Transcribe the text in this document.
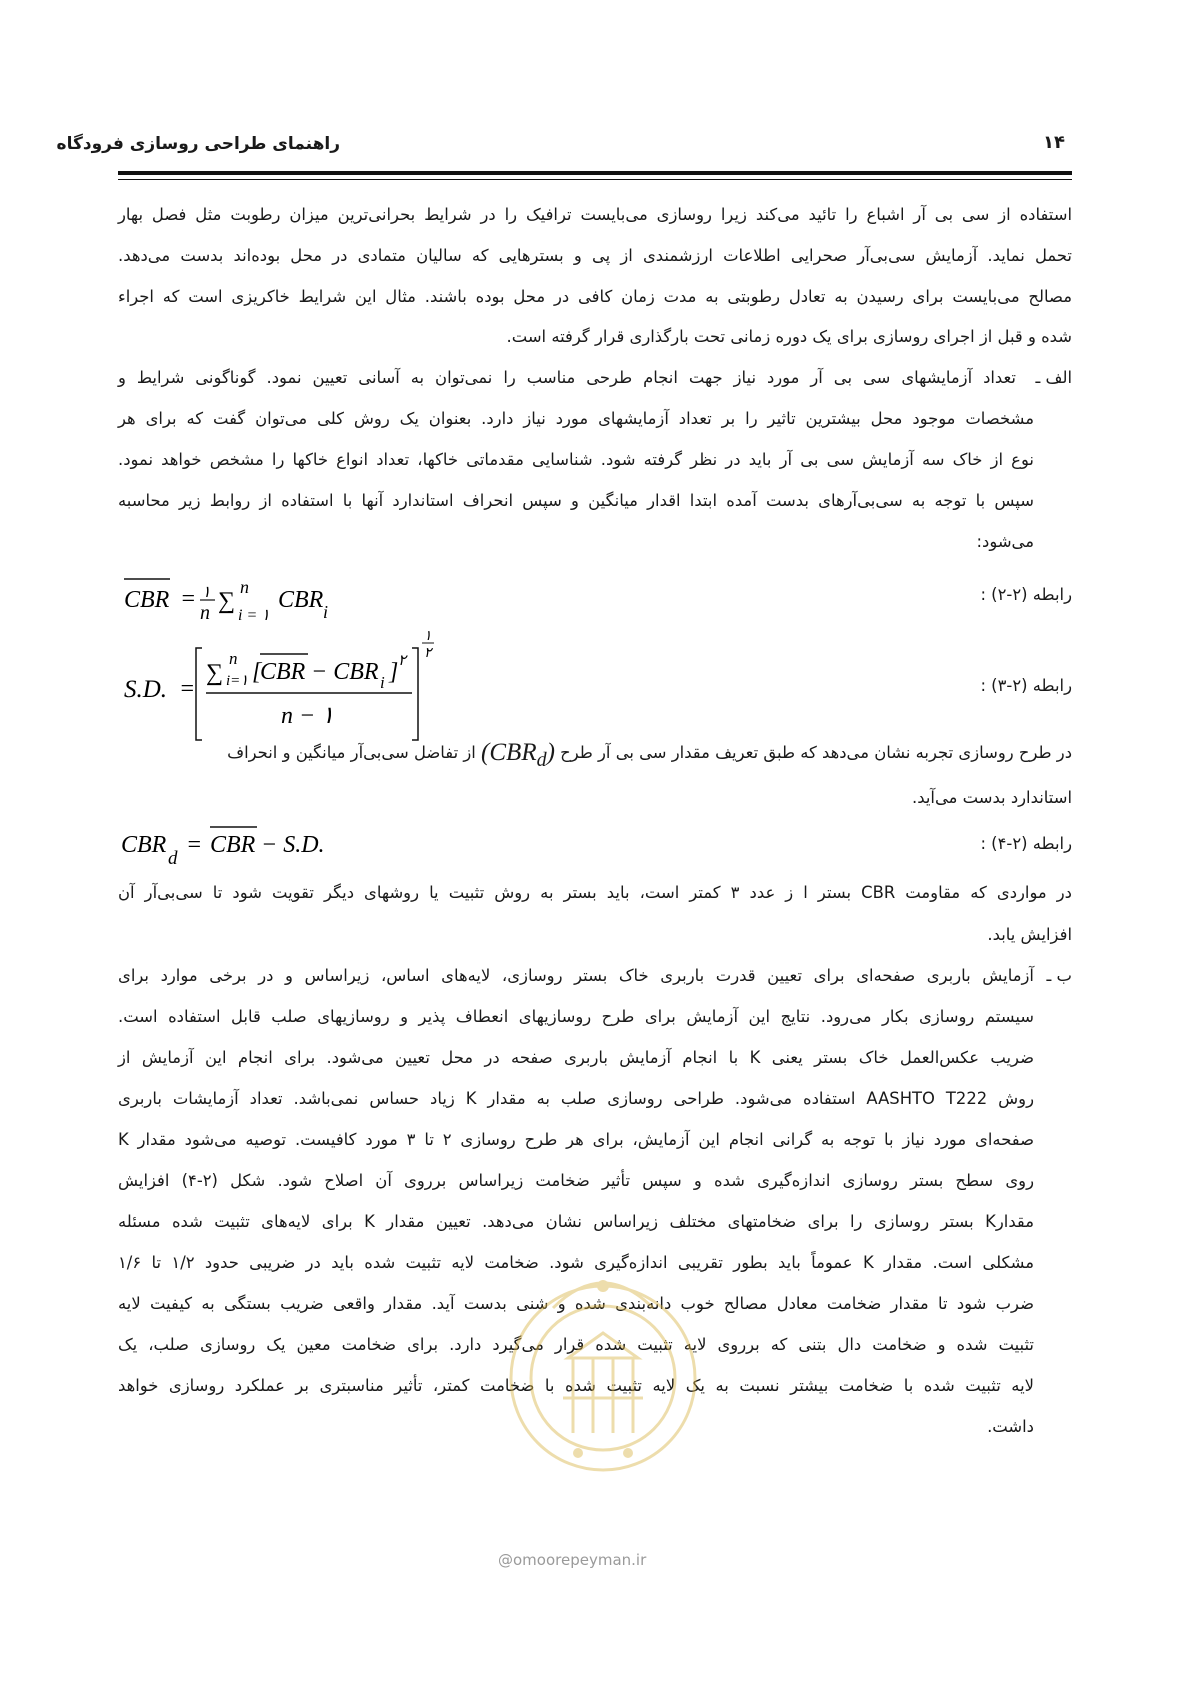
راهنمای طراحی روسازی فرودگاه	۱۴
استفاده از سی بی آر اشباع را تائید می‌کند زیرا روسازی می‌بایست ترافیک را در شرایط بحرانی‌ترین میزان رطوبت مثل فصل بهار
تحمل نماید. آزمایش سی‌بی‌آر صحرایی اطلاعات ارزشمندی از پی و بسترهایی که سالیان متمادی در محل بوده‌اند بدست می‌دهد.
مصالح می‌بایست برای رسیدن به تعادل رطوبتی به مدت زمان کافی در محل بوده باشند. مثال این شرایط خاکریزی است که اجراء
شده و قبل از اجرای روسازی برای یک دوره زمانی تحت بارگذاری قرار گرفته است.
الف ـ
تعداد آزمایشهای سی بی آر مورد نیاز جهت انجام طرحی مناسب را نمی‌توان به آسانی تعیین نمود. گوناگونی شرایط و
مشخصات موجود محل بیشترین تاثیر را بر تعداد آزمایشهای مورد نیاز دارد. بعنوان یک روش کلی می‌توان گفت که برای هر
نوع از خاک سه آزمایش سی بی آر باید در نظر گرفته شود. شناسایی مقدماتی خاکها، تعداد انواع خاکها را مشخص خواهد نمود.
سپس با توجه به سی‌بی‌آرهای بدست آمده ابتدا اقدار میانگین و سپس انحراف استاندارد آنها با استفاده از روابط زیر محاسبه
می‌شود:
رابطه (۲-۲) :
CBR = ۱
n ∑
n
i = ۱
CBR i
رابطه (۲-۳) :
S.D. =
∑
n
i=۱ [
CBR − CBR i ] ۲
n − ۱
۱
۲
در طرح روسازی تجربه نشان می‌دهد که طبق تعریف مقدار سی بی آر طرح $(CBR_d)$ از تفاضل سی‌بی‌آر میانگین و انحراف
استاندارد بدست می‌آید.
رابطه (۲-۴) :
CBR
d
= CBR − S.D.
در مواردی که مقاومت CBR بستر ا ز عدد ۳ کمتر است، باید بستر به روش تثبیت یا روشهای دیگر تقویت شود تا سی‌بی‌آر آن
افزایش یابد.
ب ـ
آزمایش باربری صفحه‌ای برای تعیین قدرت باربری خاک بستر روسازی، لایه‌های اساس، زیراساس و در برخی موارد برای
سیستم روسازی بکار می‌رود. نتایج این آزمایش برای طرح روسازیهای انعطاف پذیر و روسازیهای صلب قابل استفاده است.
ضریب عکس‌العمل خاک بستر یعنی K با انجام آزمایش باربری صفحه در محل تعیین می‌شود. برای انجام این آزمایش از
روش AASHTO T222 استفاده می‌شود. طراحی روسازی صلب به مقدار K زیاد حساس نمی‌باشد. تعداد آزمایشات باربری
صفحه‌ای مورد نیاز با توجه به گرانی انجام این آزمایش، برای هر طرح روسازی ۲ تا ۳ مورد کافیست. توصیه می‌شود مقدار K
روی سطح بستر روسازی اندازه‌گیری شده و سپس تأثیر ضخامت زیراساس برروی آن اصلاح شود. شکل (۲-۴) افزایش
مقدارK بستر روسازی را برای ضخامتهای مختلف زیراساس نشان می‌دهد. تعیین مقدار K برای لایه‌های تثبیت شده مسئله
مشکلی است. مقدار K عموماً باید بطور تقریبی اندازه‌گیری شود. ضخامت لایه تثبیت شده باید در ضریبی حدود ۱/۲ تا ۱/۶
ضرب شود تا مقدار ضخامت معادل مصالح خوب دانه‌بندی شده و شنی بدست آید. مقدار واقعی ضریب بستگی به کیفیت لایه
تثبیت شده و ضخامت دال بتنی که برروی لایه تثبیت شده قرار می‌گیرد دارد. برای ضخامت معین یک روسازی صلب، یک
لایه تثبیت شده با ضخامت بیشتر نسبت به یک لایه تثبیت شده با ضخامت کمتر، تأثیر مناسبتری بر عملکرد روسازی خواهد
داشت.
@omoorepeyman.ir
